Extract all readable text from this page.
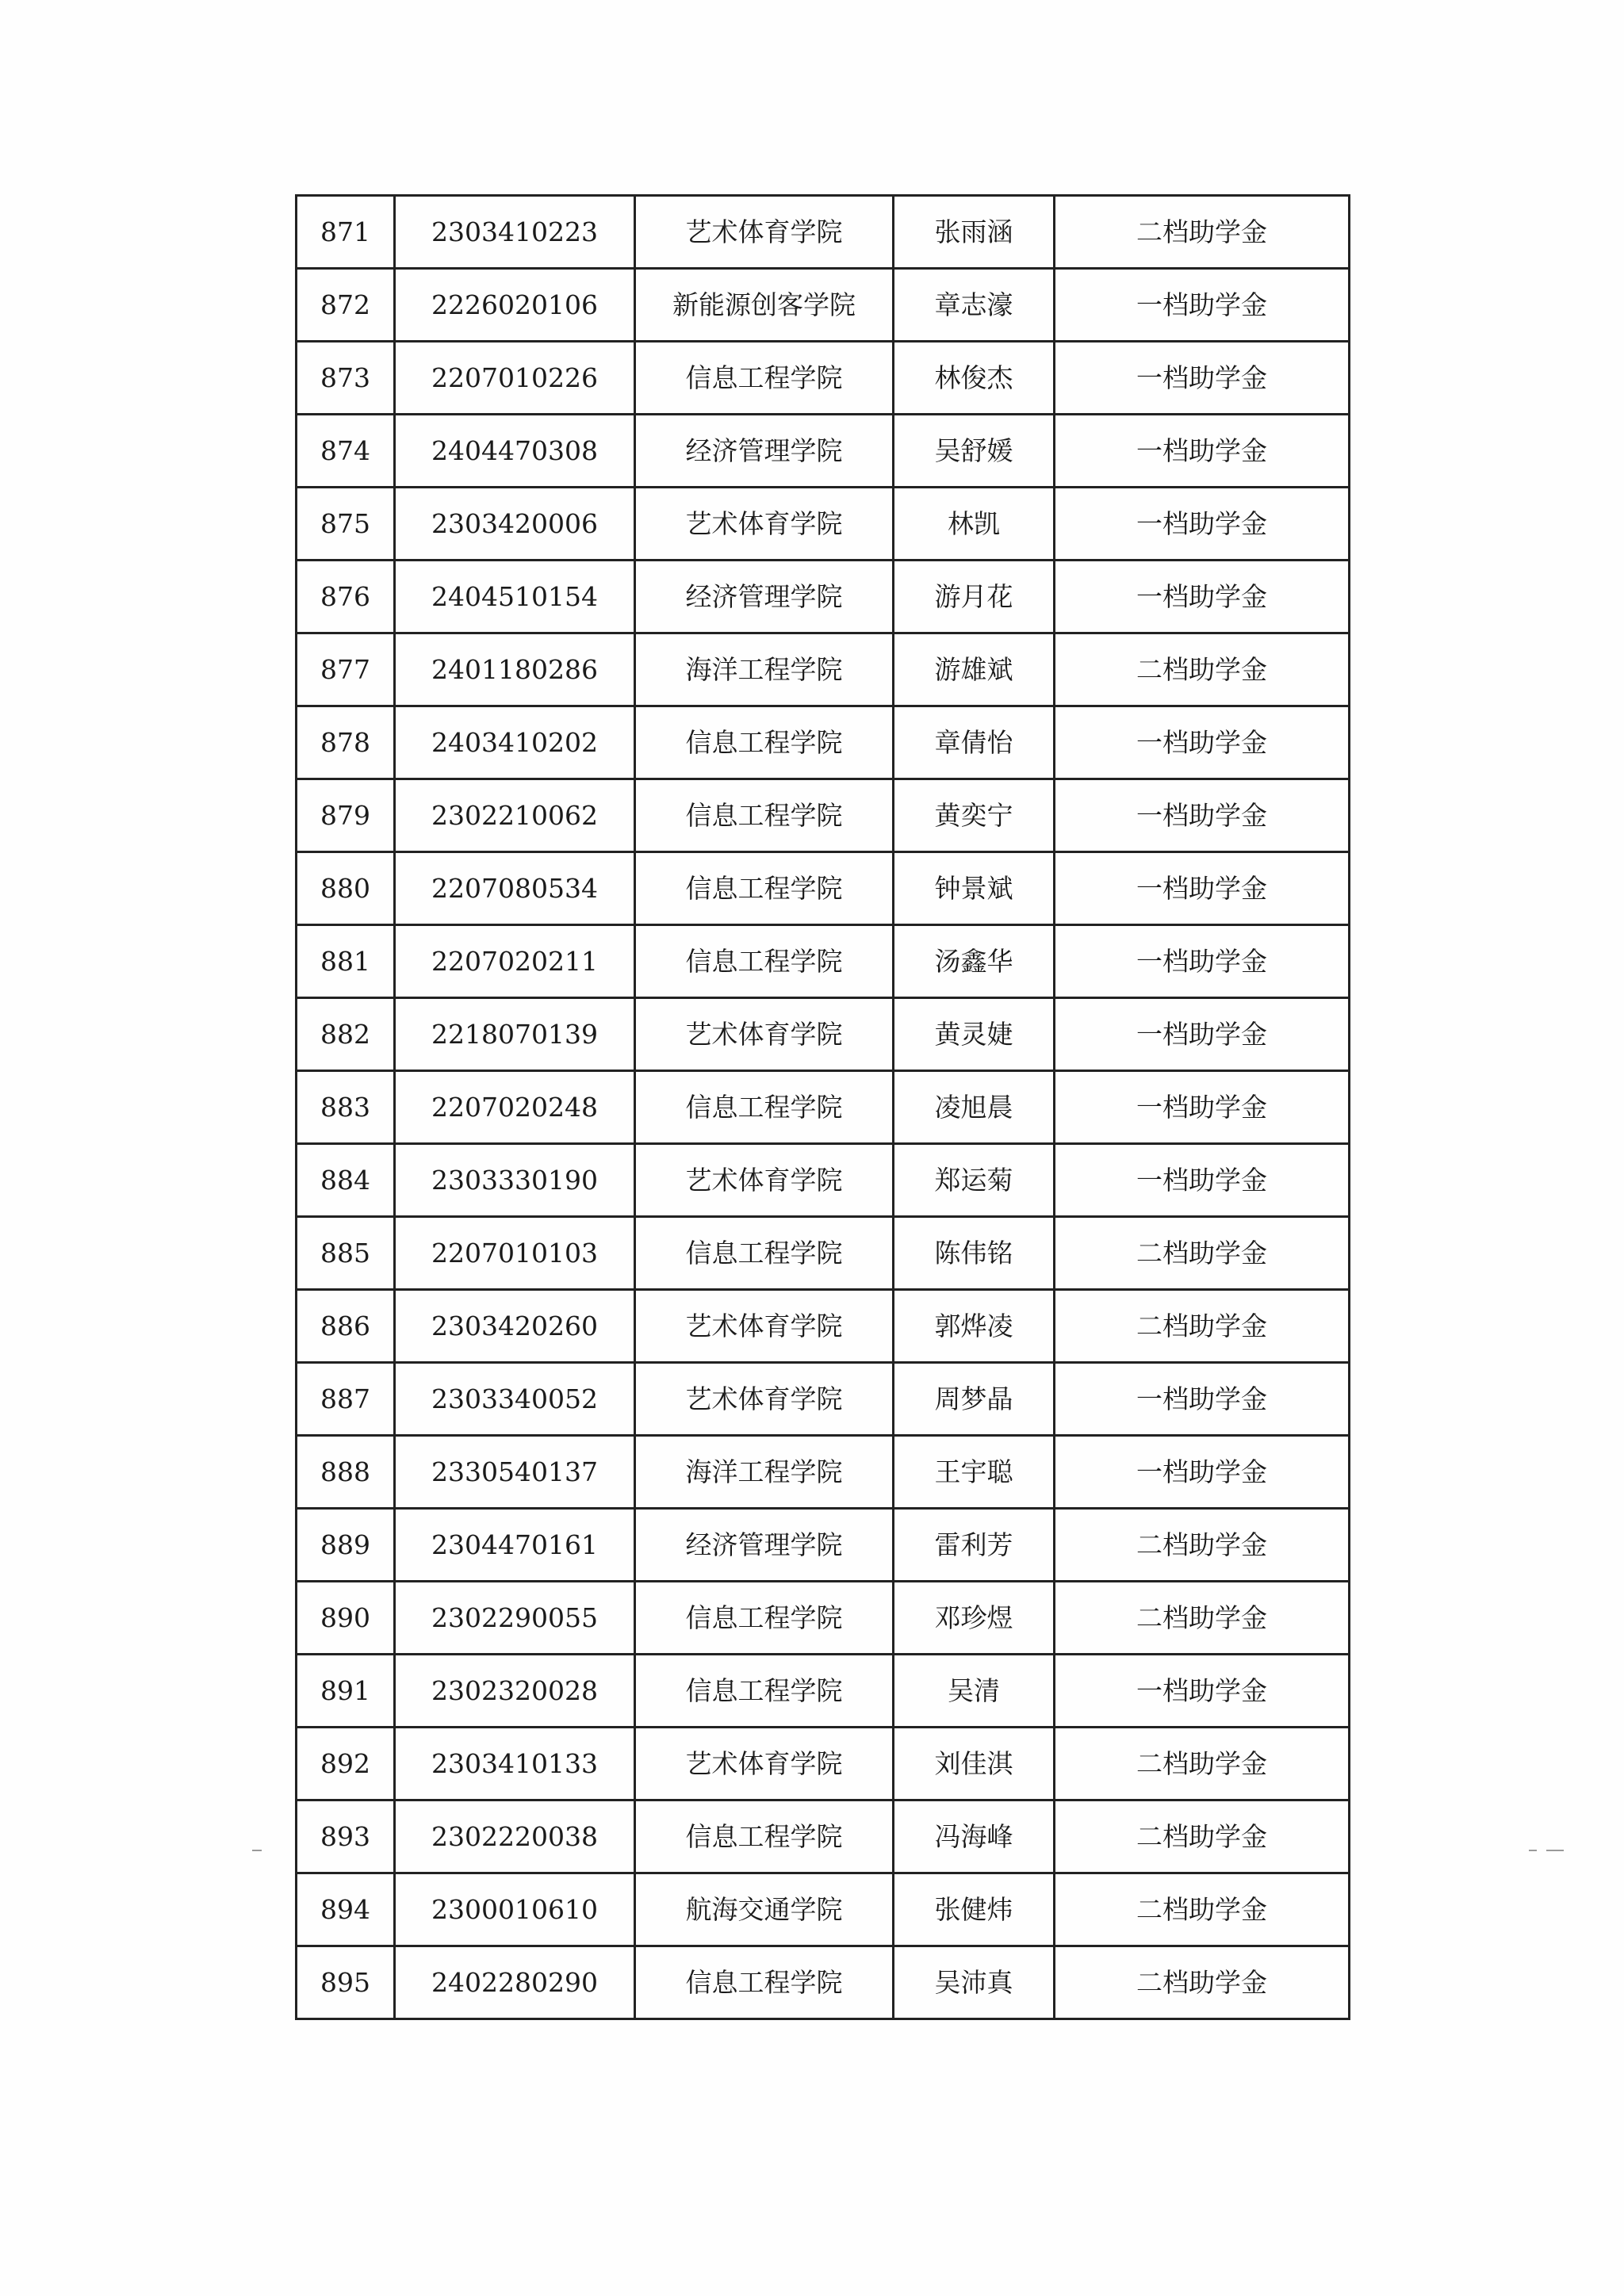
871	2303410223	艺术体育学院	张雨涵	二档助学金
872	2226020106	新能源创客学院	章志濠	一档助学金
873	2207010226	信息工程学院	林俊杰	一档助学金
874	2404470308	经济管理学院	吴舒媛	一档助学金
875	2303420006	艺术体育学院	林凯	一档助学金
876	2404510154	经济管理学院	游月花	一档助学金
877	2401180286	海洋工程学院	游雄斌	二档助学金
878	2403410202	信息工程学院	章倩怡	一档助学金
879	2302210062	信息工程学院	黄奕宁	一档助学金
880	2207080534	信息工程学院	钟景斌	一档助学金
881	2207020211	信息工程学院	汤鑫华	一档助学金
882	2218070139	艺术体育学院	黄灵婕	一档助学金
883	2207020248	信息工程学院	凌旭晨	一档助学金
884	2303330190	艺术体育学院	郑运菊	一档助学金
885	2207010103	信息工程学院	陈伟铭	二档助学金
886	2303420260	艺术体育学院	郭烨凌	二档助学金
887	2303340052	艺术体育学院	周梦晶	一档助学金
888	2330540137	海洋工程学院	王宇聪	一档助学金
889	2304470161	经济管理学院	雷利芳	二档助学金
890	2302290055	信息工程学院	邓珍煜	二档助学金
891	2302320028	信息工程学院	吴清	一档助学金
892	2303410133	艺术体育学院	刘佳淇	二档助学金
893	2302220038	信息工程学院	冯海峰	二档助学金
894	2300010610	航海交通学院	张健炜	二档助学金
895	2402280290	信息工程学院	吴沛真	二档助学金
